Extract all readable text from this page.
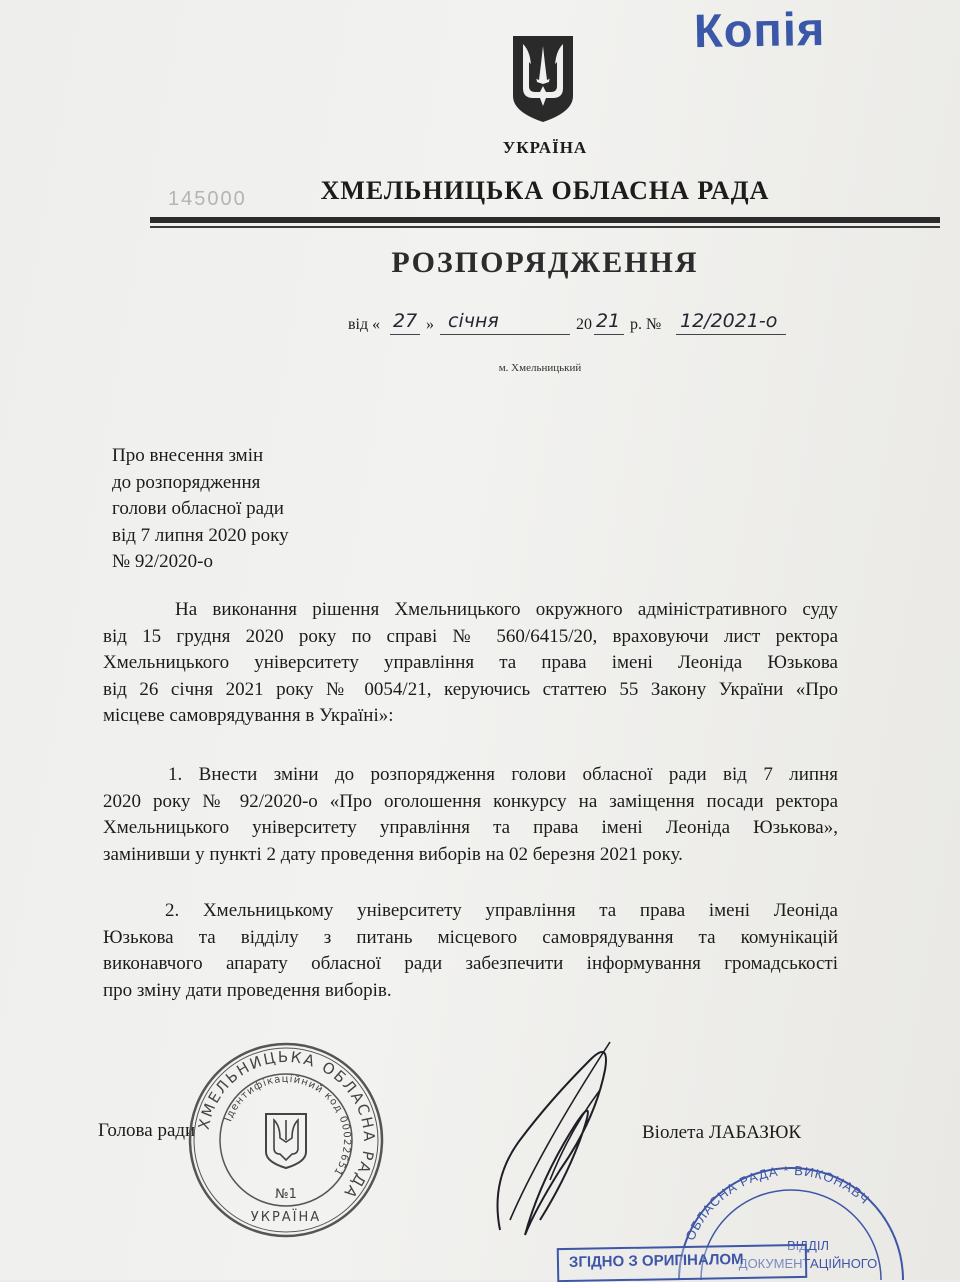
Копія
УКРАЇНА
145000	ХМЕЛЬНИЦЬКА ОБЛАСНА РАДА
РОЗПОРЯДЖЕННЯ
від « 27 » січня	20 21 р. № 12/2021-о
м. Хмельницький
Про внесення змін
до розпорядження
голови обласної ради
від 7 липня 2020 року
№ 92/2020-о
На виконання рішення Хмельницького окружного адміністративного суду
від 15 грудня 2020 року по справі № 560/6415/20, враховуючи лист ректора
Хмельницького університету управління та права імені Леоніда Юзькова
від 26 січня 2021 року № 0054/21, керуючись статтею 55 Закону України «Про
місцеве самоврядування в Україні»:
1. Внести зміни до розпорядження голови обласної ради від 7 липня
2020 року № 92/2020-о «Про оголошення конкурсу на заміщення посади ректора
Хмельницького університету управління та права імені Леоніда Юзькова»,
замінивши у пункті 2 дату проведення виборів на 02 березня 2021 року.
2. Хмельницькому університету управління та права імені Леоніда
Юзькова та відділу з питань місцевого самоврядування та комунікацій
виконавчого апарату обласної ради забезпечити інформування громадськості
про зміну дати проведення виборів.
Голова ради ХМЕЛЬНИЦЬКА ОБЛАСНА РАДА
Ідентифікаційний код 00022651
№1
УКРАЇНА
Віолета ЛАБАЗЮК
ОБЛАСНА РАДА * ВИКОНАВЧ
ВІДДІЛ
ДОКУМЕНТАЦІЙНОГО
ЗГІДНО З ОРИГІНАЛОМ
